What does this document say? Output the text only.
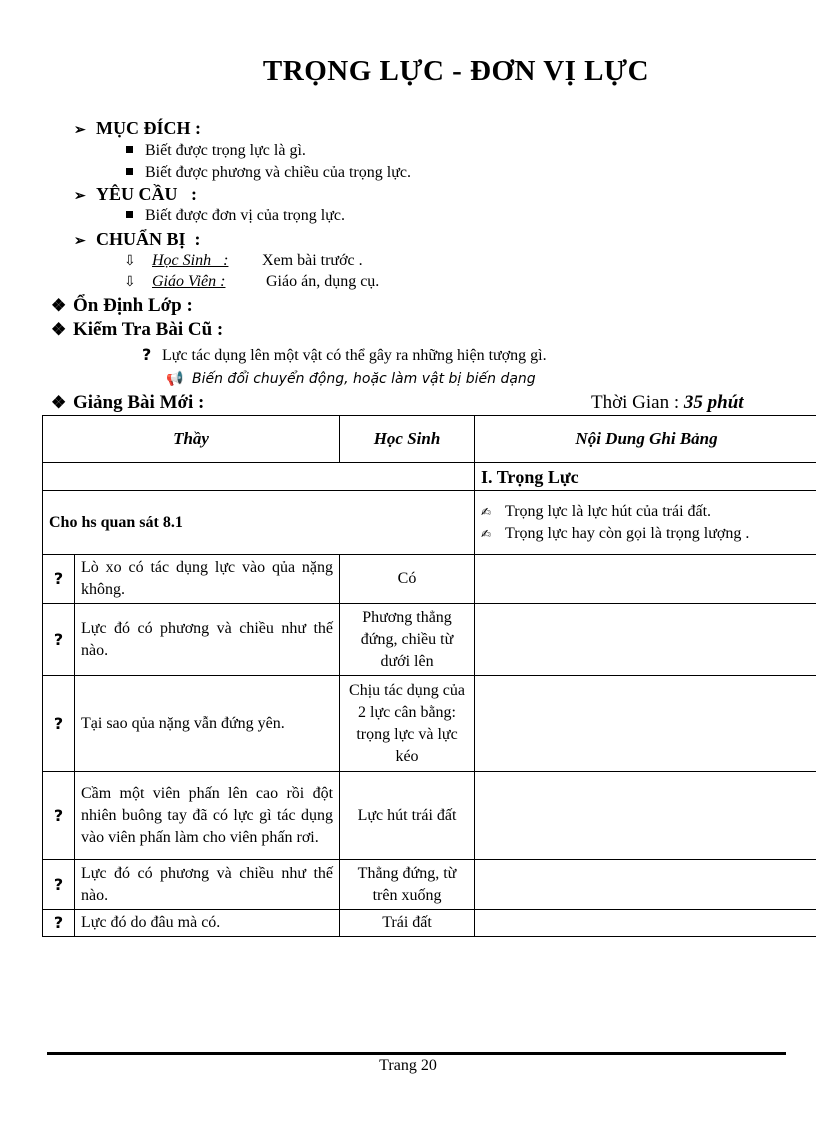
TRỌNG LỰC - ĐƠN VỊ LỰC
➢ MỤC ĐÍCH :
Biết được trọng lực là gì.
Biết được phương và chiều của trọng lực.
➢ YÊU CẦU   :
Biết được đơn vị của trọng lực.
➢ CHUẨN BỊ  :
⇩ Học Sinh   : Xem bài trước .
⇩ Giáo Viên :	Giáo án, dụng cụ.
❖ Ổn Định Lớp :
❖ Kiểm Tra Bài Cũ :
? Lực tác dụng lên một vật có thể gây ra những hiện tượng gì.
📢 Biến đổi chuyển động, hoặc làm vật bị biến dạng
❖ Giảng Bài Mới :	Thời Gian : 35 phút
Thầy		Học Sinh	Nội Dung Ghi Bảng
			I. Trọng Lực
Cho hs quan sát 8.1			✍ Trọng lực là lực hút của trái đất.
✍ Trọng lực hay còn gọi là trọng lượng .

?	Lò xo có tác dụng lực vào qủa nặng không.	Có	
?	Lực đó có phương và chiều như thế nào.	Phương thẳng đứng, chiều từ dưới lên	
?	Tại sao qủa nặng vẫn đứng yên.	Chịu tác dụng của 2 lực cân bằng: trọng lực và lực kéo	
?	Cầm một viên phấn lên cao rồi đột nhiên buông tay đã có lực gì tác dụng vào viên phấn làm cho viên phấn rơi.	Lực hút trái đất	
?	Lực đó có phương và chiều như thế nào.	Thẳng đứng, từ trên xuống	
?	Lực đó do đâu mà có.	Trái đất	
Trang 20
